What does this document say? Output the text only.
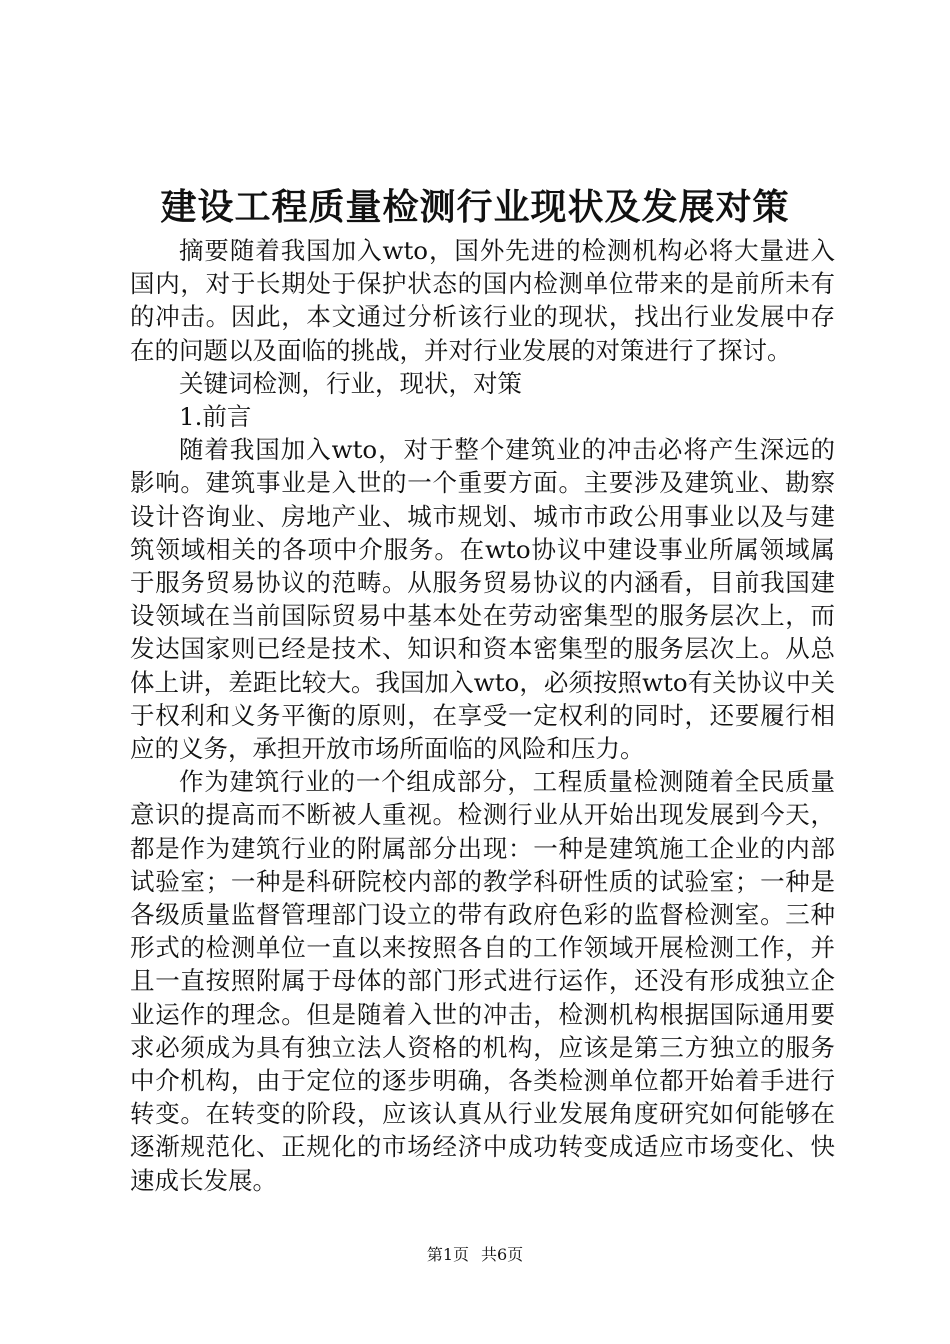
建设工程质量检测行业现状及发展对策

摘要随着我国加入wto，国外先进的检测机构必将大量进入国内，对于长期处于保护状态的国内检测单位带来的是前所未有的冲击。因此，本文通过分析该行业的现状，找出行业发展中存在的问题以及面临的挑战，并对行业发展的对策进行了探讨。

关键词检测，行业，现状，对策

1.前言

随着我国加入wto，对于整个建筑业的冲击必将产生深远的影响。建筑事业是入世的一个重要方面。主要涉及建筑业、勘察设计咨询业、房地产业、城市规划、城市市政公用事业以及与建筑领域相关的各项中介服务。在wto协议中建设事业所属领域属于服务贸易协议的范畴。从服务贸易协议的内涵看，目前我国建设领域在当前国际贸易中基本处在劳动密集型的服务层次上，而发达国家则已经是技术、知识和资本密集型的服务层次上。从总体上讲，差距比较大。我国加入wto，必须按照wto有关协议中关于权利和义务平衡的原则，在享受一定权利的同时，还要履行相应的义务，承担开放市场所面临的风险和压力。

作为建筑行业的一个组成部分，工程质量检测随着全民质量意识的提高而不断被人重视。检测行业从开始出现发展到今天，都是作为建筑行业的附属部分出现：一种是建筑施工企业的内部试验室；一种是科研院校内部的教学科研性质的试验室；一种是各级质量监督管理部门设立的带有政府色彩的监督检测室。三种形式的检测单位一直以来按照各自的工作领域开展检测工作，并且一直按照附属于母体的部门形式进行运作，还没有形成独立企业运作的理念。但是随着入世的冲击，检测机构根据国际通用要求必须成为具有独立法人资格的机构，应该是第三方独立的服务中介机构，由于定位的逐步明确，各类检测单位都开始着手进行转变。在转变的阶段，应该认真从行业发展角度研究如何能够在逐渐规范化、正规化的市场经济中成功转变成适应市场变化、快速成长发展。

第1页 共6页
